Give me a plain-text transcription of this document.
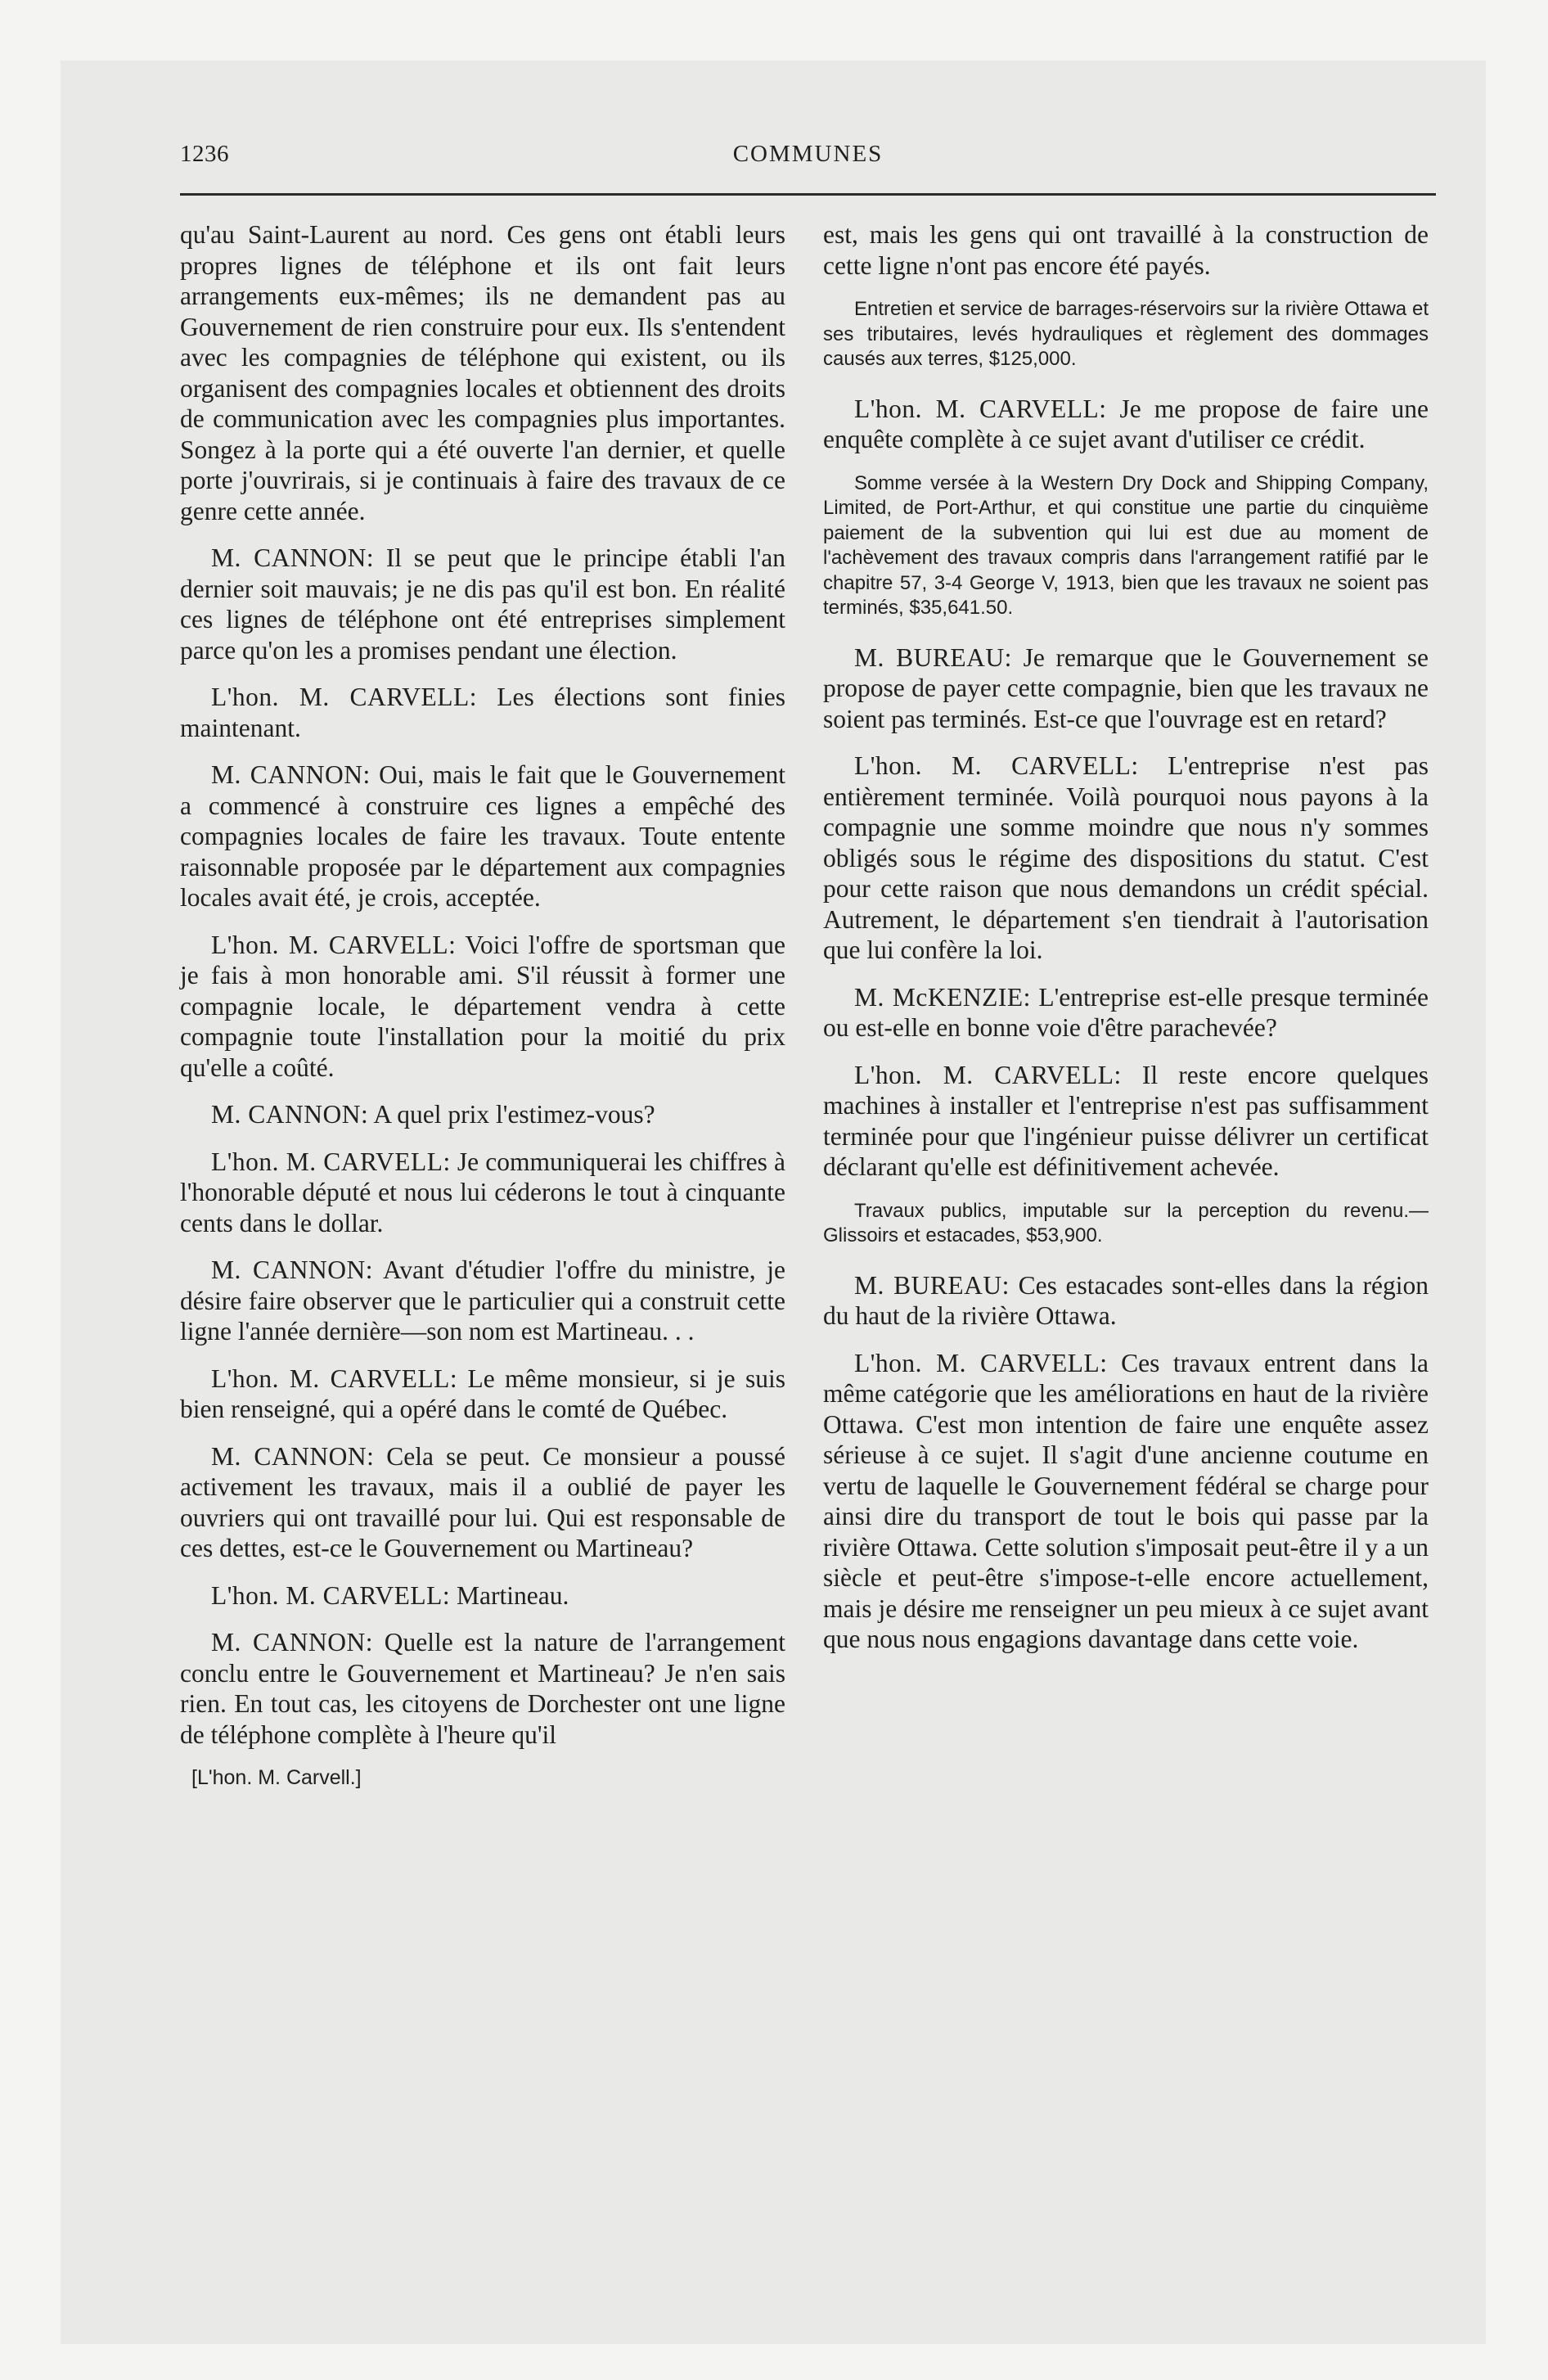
1236	COMMUNES

qu'au Saint-Laurent au nord. Ces gens ont établi leurs propres lignes de téléphone et ils ont fait leurs arrangements eux-mêmes; ils ne demandent pas au Gouvernement de rien construire pour eux. Ils s'entendent avec les compagnies de téléphone qui existent, ou ils organisent des compagnies locales et obtiennent des droits de communication avec les compagnies plus importantes. Songez à la porte qui a été ouverte l'an dernier, et quelle porte j'ouvrirais, si je continuais à faire des travaux de ce genre cette année.

M. CANNON: Il se peut que le principe établi l'an dernier soit mauvais; je ne dis pas qu'il est bon. En réalité ces lignes de téléphone ont été entreprises simplement parce qu'on les a promises pendant une élection.

L'hon. M. CARVELL: Les élections sont finies maintenant.

M. CANNON: Oui, mais le fait que le Gouvernement a commencé à construire ces lignes a empêché des compagnies locales de faire les travaux. Toute entente raisonnable proposée par le département aux compagnies locales avait été, je crois, acceptée.

L'hon. M. CARVELL: Voici l'offre de sportsman que je fais à mon honorable ami. S'il réussit à former une compagnie locale, le département vendra à cette compagnie toute l'installation pour la moitié du prix qu'elle a coûté.

M. CANNON: A quel prix l'estimez-vous?

L'hon. M. CARVELL: Je communiquerai les chiffres à l'honorable député et nous lui céderons le tout à cinquante cents dans le dollar.

M. CANNON: Avant d'étudier l'offre du ministre, je désire faire observer que le particulier qui a construit cette ligne l'année dernière—son nom est Martineau. . .

L'hon. M. CARVELL: Le même monsieur, si je suis bien renseigné, qui a opéré dans le comté de Québec.

M. CANNON: Cela se peut. Ce monsieur a poussé activement les travaux, mais il a oublié de payer les ouvriers qui ont travaillé pour lui. Qui est responsable de ces dettes, est-ce le Gouvernement ou Martineau?

L'hon. M. CARVELL: Martineau.

M. CANNON: Quelle est la nature de l'arrangement conclu entre le Gouvernement et Martineau? Je n'en sais rien. En tout cas, les citoyens de Dorchester ont une ligne de téléphone complète à l'heure qu'il

[L'hon. M. Carvell.]

est, mais les gens qui ont travaillé à la construction de cette ligne n'ont pas encore été payés.

Entretien et service de barrages-réservoirs sur la rivière Ottawa et ses tributaires, levés hydrauliques et règlement des dommages causés aux terres, $125,000.

L'hon. M. CARVELL: Je me propose de faire une enquête complète à ce sujet avant d'utiliser ce crédit.

Somme versée à la Western Dry Dock and Shipping Company, Limited, de Port-Arthur, et qui constitue une partie du cinquième paiement de la subvention qui lui est due au moment de l'achèvement des travaux compris dans l'arrangement ratifié par le chapitre 57, 3-4 George V, 1913, bien que les travaux ne soient pas terminés, $35,641.50.

M. BUREAU: Je remarque que le Gouvernement se propose de payer cette compagnie, bien que les travaux ne soient pas terminés. Est-ce que l'ouvrage est en retard?

L'hon. M. CARVELL: L'entreprise n'est pas entièrement terminée. Voilà pourquoi nous payons à la compagnie une somme moindre que nous n'y sommes obligés sous le régime des dispositions du statut. C'est pour cette raison que nous demandons un crédit spécial. Autrement, le département s'en tiendrait à l'autorisation que lui confère la loi.

M. McKENZIE: L'entreprise est-elle presque terminée ou est-elle en bonne voie d'être parachevée?

L'hon. M. CARVELL: Il reste encore quelques machines à installer et l'entreprise n'est pas suffisamment terminée pour que l'ingénieur puisse délivrer un certificat déclarant qu'elle est définitivement achevée.

Travaux publics, imputable sur la perception du revenu.—Glissoirs et estacades, $53,900.

M. BUREAU: Ces estacades sont-elles dans la région du haut de la rivière Ottawa.

L'hon. M. CARVELL: Ces travaux entrent dans la même catégorie que les améliorations en haut de la rivière Ottawa. C'est mon intention de faire une enquête assez sérieuse à ce sujet. Il s'agit d'une ancienne coutume en vertu de laquelle le Gouvernement fédéral se charge pour ainsi dire du transport de tout le bois qui passe par la rivière Ottawa. Cette solution s'imposait peut-être il y a un siècle et peut-être s'impose-t-elle encore actuellement, mais je désire me renseigner un peu mieux à ce sujet avant que nous nous engagions davantage dans cette voie.
